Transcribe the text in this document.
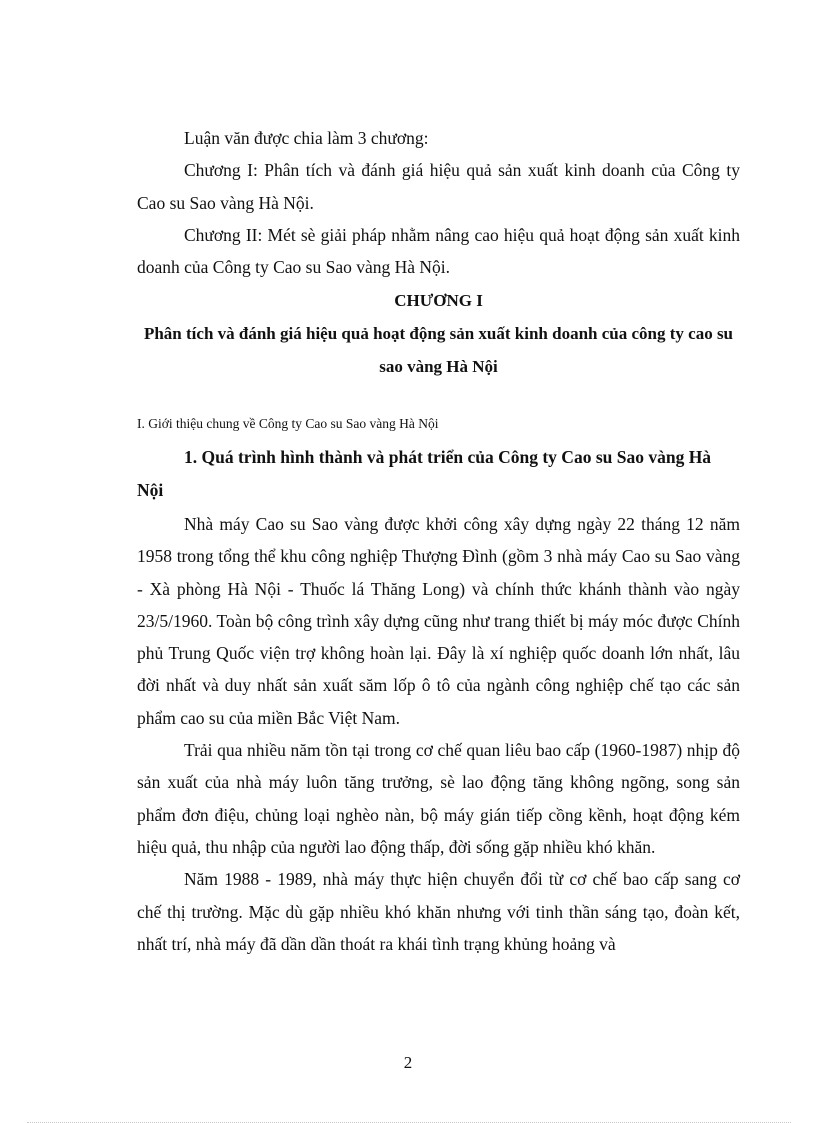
Luận văn được chia làm 3 chương:

Chương I: Phân tích và đánh giá hiệu quả sản xuất kinh doanh của Công ty Cao su Sao vàng Hà Nội.

Chương II: Mét sè giải pháp nhằm nâng cao hiệu quả hoạt động sản xuất kinh doanh của Công ty Cao su Sao vàng Hà Nội.

CHƯƠNG I
Phân tích và đánh giá hiệu quả hoạt động sản xuất kinh doanh của công ty cao su sao vàng Hà Nội
I. Giới thiệu chung về Công ty Cao su Sao vàng Hà Nội
1. Quá trình hình thành và phát triển của Công ty Cao su Sao vàng Hà Nội

Nhà máy Cao su Sao vàng được khởi công xây dựng ngày 22 tháng 12 năm 1958 trong tổng thể khu công nghiệp Thượng Đình (gồm 3 nhà máy Cao su Sao vàng - Xà phòng Hà Nội - Thuốc lá Thăng Long) và chính thức khánh thành vào ngày 23/5/1960. Toàn bộ công trình xây dựng cũng như trang thiết bị máy móc được Chính phủ Trung Quốc viện trợ không hoàn lại. Đây là xí nghiệp quốc doanh lớn nhất, lâu đời nhất và duy nhất sản xuất săm lốp ô tô của ngành công nghiệp chế tạo các sản phẩm cao su của miền Bắc Việt Nam.

Trải qua nhiều năm tồn tại trong cơ chế quan liêu bao cấp (1960-1987) nhịp độ sản xuất của nhà máy luôn tăng trưởng, sè lao động tăng không ngõng, song sản phẩm đơn điệu, chủng loại nghèo nàn, bộ máy gián tiếp cồng kềnh, hoạt động kém hiệu quả, thu nhập của người lao động thấp, đời sống gặp nhiều khó khăn.

Năm 1988 - 1989, nhà máy thực hiện chuyển đổi từ cơ chế bao cấp sang cơ chế thị trường. Mặc dù gặp nhiều khó khăn nhưng với tinh thần sáng tạo, đoàn kết, nhất trí, nhà máy đã dần dần thoát ra khái tình trạng khủng hoảng và

2
